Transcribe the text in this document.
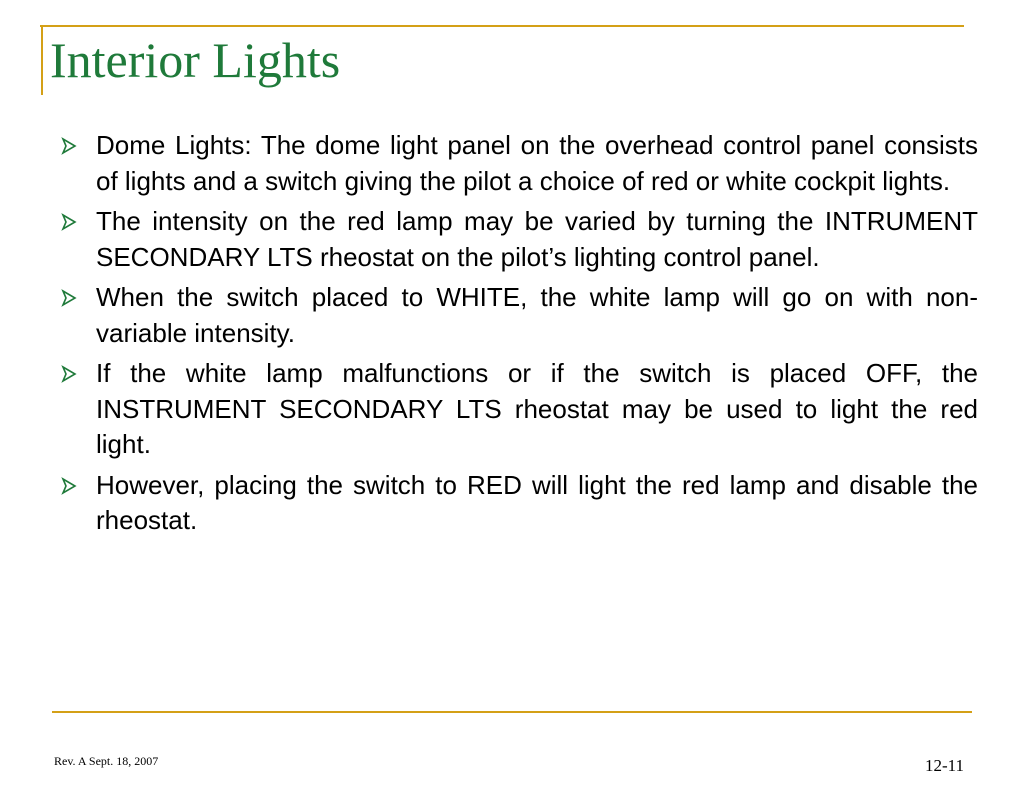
Interior Lights
Dome Lights: The dome light panel on the overhead control panel consists of lights and a switch giving the pilot a choice of red or white cockpit lights.
The intensity on the red lamp may be varied by turning the INTRUMENT SECONDARY LTS rheostat on the pilot’s lighting control panel.
When the switch placed to WHITE, the white lamp will go on with non-variable intensity.
If the white lamp malfunctions or if the switch is placed OFF, the INSTRUMENT SECONDARY LTS rheostat may be used to light the red light.
However, placing the switch to RED will light the red lamp and disable the rheostat.
Rev. A Sept. 18, 2007	12-11
